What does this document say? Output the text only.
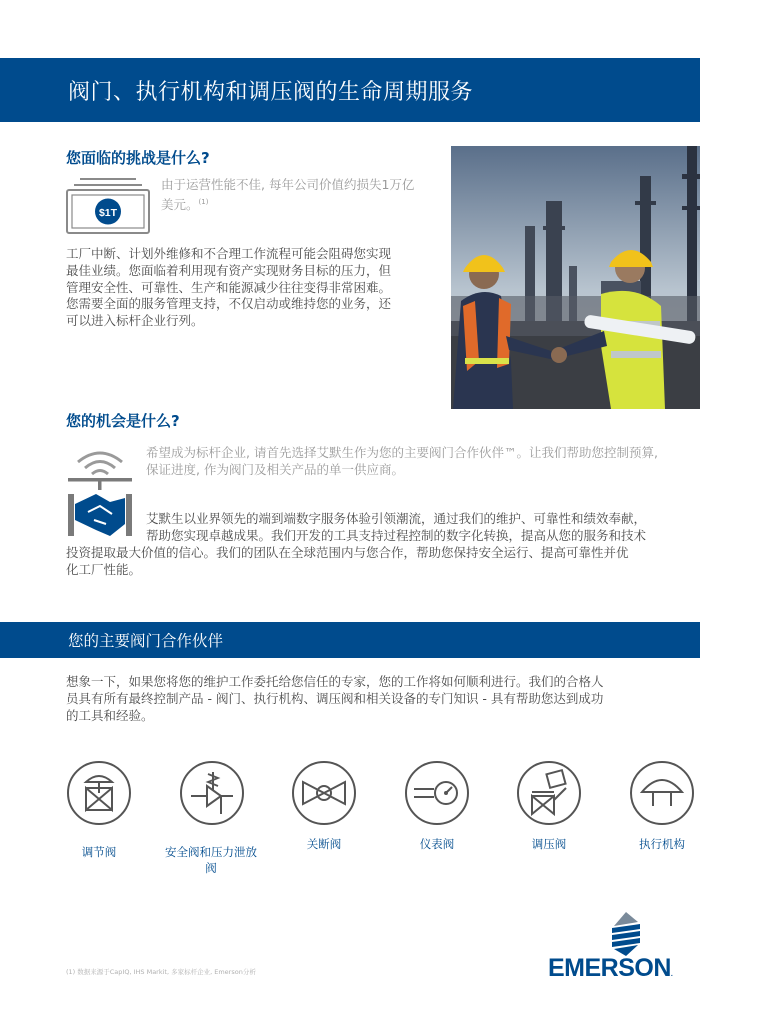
阀门、执行机构和调压阀的生命周期服务
您面临的挑战是什么?
$1T
由于运营性能不佳, 每年公司价值约损失1万亿
美元。$^{(1)}$
工厂中断、计划外维修和不合理工作流程可能会阻碍您实现
最佳业绩。您面临着利用现有资产实现财务目标的压力，但
管理安全性、可靠性、生产和能源减少往往变得非常困难。
您需要全面的服务管理支持，不仅启动或维持您的业务，还
可以进入标杆企业行列。
您的机会是什么?
希望成为标杆企业, 请首先选择艾默生作为您的主要阀门合作伙伴™。让我们帮助您控制预算,
保证进度, 作为阀门及相关产品的单一供应商。
艾默生以业界领先的端到端数字服务体验引领潮流，通过我们的维护、可靠性和绩效奉献，
帮助您实现卓越成果。我们开发的工具支持过程控制的数字化转换，提高从您的服务和技术
投资提取最大价值的信心。我们的团队在全球范围内与您合作，帮助您保持安全运行、提高可靠性并优
化工厂性能。
您的主要阀门合作伙伴
想象一下，如果您将您的维护工作委托给您信任的专家，您的工作将如何顺利进行。我们的合格人
员具有所有最终控制产品 - 阀门、执行机构、调压阀和相关设备的专门知识 - 具有帮助您达到成功
的工具和经验。
调节阀	安全阀和压力泄放阀
关断阀	仪表阀	调压阀	执行机构
(1) 数据来源于CapIQ, IHS Markit, 多家标杆企业, Emerson分析	EMERSON.
